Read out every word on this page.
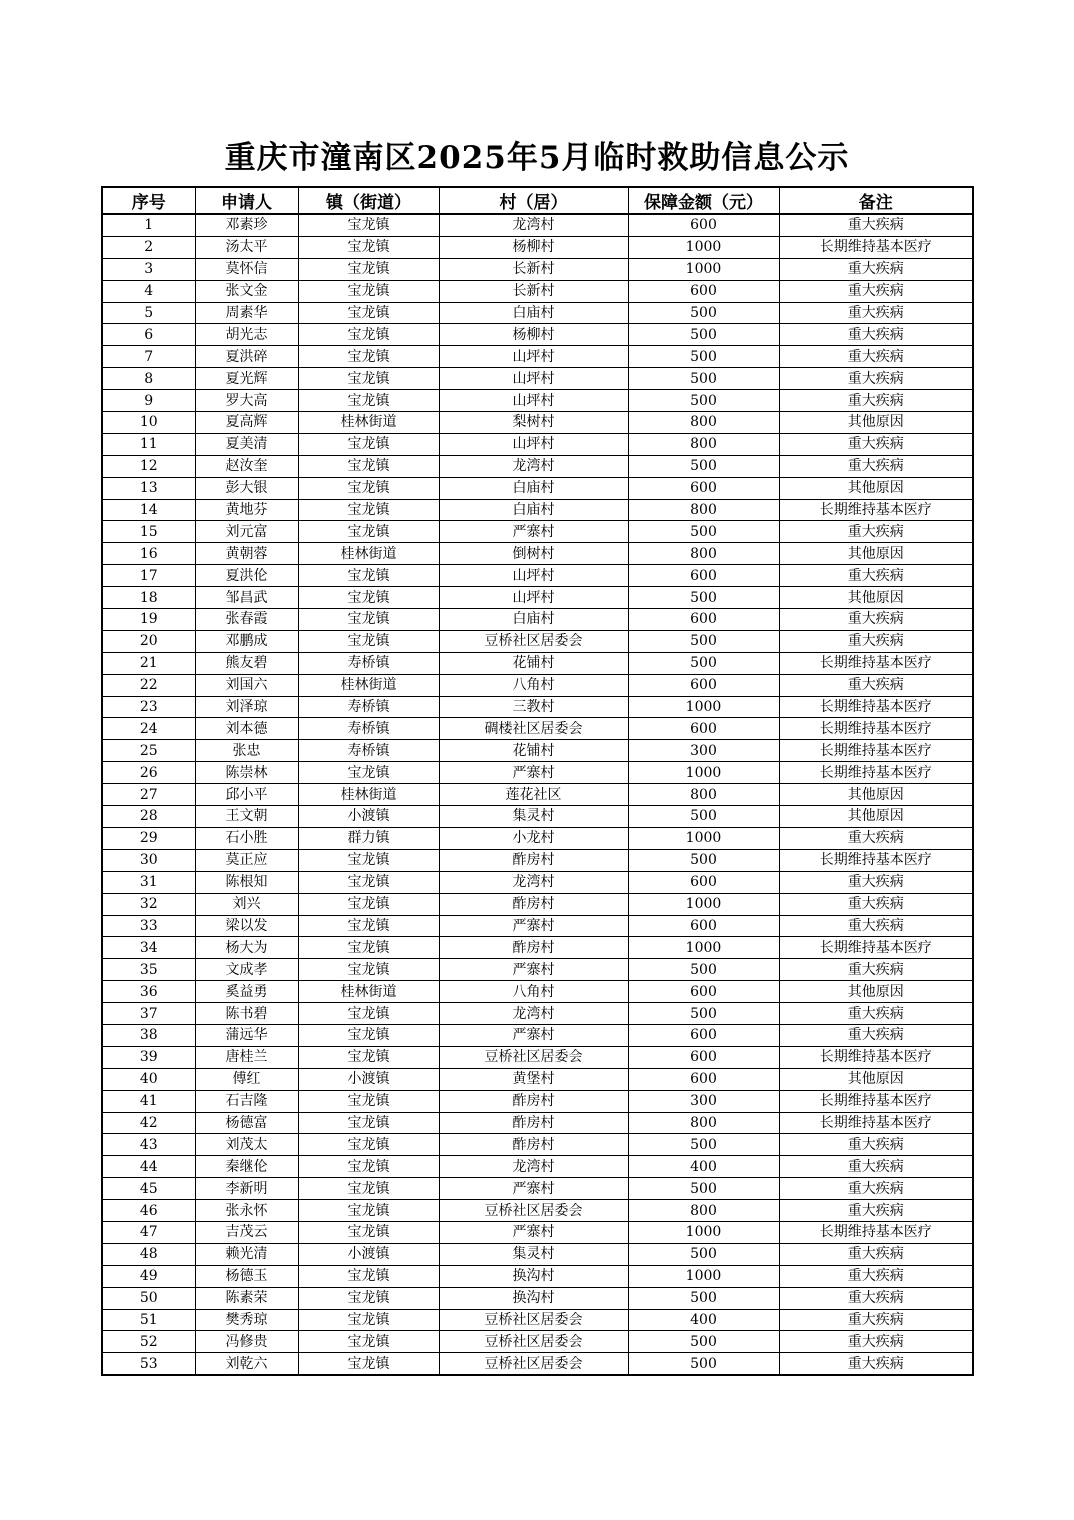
重庆市潼南区2025年5月临时救助信息公示
序号	申请人	镇（街道）	村（居）	保障金额（元）	备注
1	邓素珍	宝龙镇	龙湾村	600	重大疾病
2	汤太平	宝龙镇	杨柳村	1000	长期维持基本医疗
3	莫怀信	宝龙镇	长新村	1000	重大疾病
4	张文金	宝龙镇	长新村	600	重大疾病
5	周素华	宝龙镇	白庙村	500	重大疾病
6	胡光志	宝龙镇	杨柳村	500	重大疾病
7	夏洪碎	宝龙镇	山坪村	500	重大疾病
8	夏光辉	宝龙镇	山坪村	500	重大疾病
9	罗大高	宝龙镇	山坪村	500	重大疾病
10	夏高辉	桂林街道	梨树村	800	其他原因
11	夏美清	宝龙镇	山坪村	800	重大疾病
12	赵汝奎	宝龙镇	龙湾村	500	重大疾病
13	彭大银	宝龙镇	白庙村	600	其他原因
14	黄地芬	宝龙镇	白庙村	800	长期维持基本医疗
15	刘元富	宝龙镇	严寨村	500	重大疾病
16	黄朝蓉	桂林街道	倒树村	800	其他原因
17	夏洪伦	宝龙镇	山坪村	600	重大疾病
18	邹昌武	宝龙镇	山坪村	500	其他原因
19	张春霞	宝龙镇	白庙村	600	重大疾病
20	邓鹏成	宝龙镇	豆桥社区居委会	500	重大疾病
21	熊友碧	寿桥镇	花铺村	500	长期维持基本医疗
22	刘国六	桂林街道	八角村	600	重大疾病
23	刘泽琼	寿桥镇	三教村	1000	长期维持基本医疗
24	刘本德	寿桥镇	碉楼社区居委会	600	长期维持基本医疗
25	张忠	寿桥镇	花铺村	300	长期维持基本医疗
26	陈崇林	宝龙镇	严寨村	1000	长期维持基本医疗
27	邱小平	桂林街道	莲花社区	800	其他原因
28	王文朝	小渡镇	集灵村	500	其他原因
29	石小胜	群力镇	小龙村	1000	重大疾病
30	莫正应	宝龙镇	酢房村	500	长期维持基本医疗
31	陈根知	宝龙镇	龙湾村	600	重大疾病
32	刘兴	宝龙镇	酢房村	1000	重大疾病
33	梁以发	宝龙镇	严寨村	600	重大疾病
34	杨大为	宝龙镇	酢房村	1000	长期维持基本医疗
35	文成孝	宝龙镇	严寨村	500	重大疾病
36	奚益勇	桂林街道	八角村	600	其他原因
37	陈书碧	宝龙镇	龙湾村	500	重大疾病
38	蒲远华	宝龙镇	严寨村	600	重大疾病
39	唐桂兰	宝龙镇	豆桥社区居委会	600	长期维持基本医疗
40	傅红	小渡镇	黄堡村	600	其他原因
41	石吉隆	宝龙镇	酢房村	300	长期维持基本医疗
42	杨德富	宝龙镇	酢房村	800	长期维持基本医疗
43	刘茂太	宝龙镇	酢房村	500	重大疾病
44	秦继伦	宝龙镇	龙湾村	400	重大疾病
45	李新明	宝龙镇	严寨村	500	重大疾病
46	张永怀	宝龙镇	豆桥社区居委会	800	重大疾病
47	吉茂云	宝龙镇	严寨村	1000	长期维持基本医疗
48	赖光清	小渡镇	集灵村	500	重大疾病
49	杨德玉	宝龙镇	换沟村	1000	重大疾病
50	陈素荣	宝龙镇	换沟村	500	重大疾病
51	樊秀琼	宝龙镇	豆桥社区居委会	400	重大疾病
52	冯修贵	宝龙镇	豆桥社区居委会	500	重大疾病
53	刘乾六	宝龙镇	豆桥社区居委会	500	重大疾病
